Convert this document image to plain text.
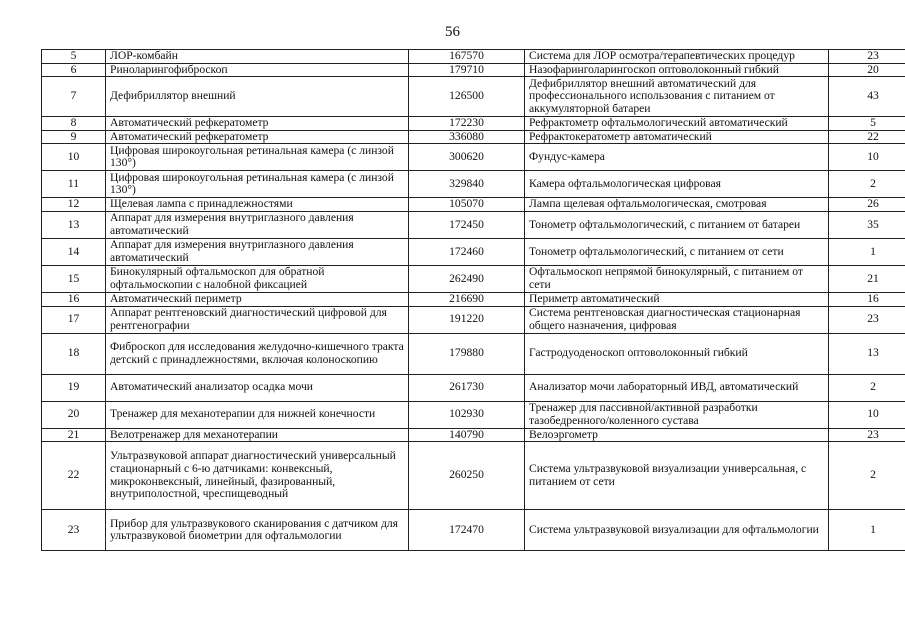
56
5	ЛОР-комбайн	167570	Система для ЛОР осмотра/терапевтических процедур	23
6	Риноларингофиброскоп	179710	Назофаринголарингоскоп оптоволоконный гибкий	20
7	Дефибриллятор внешний	126500	Дефибриллятор внешний автоматический для профессионального использования с питанием от аккумуляторной батареи	43
8	Автоматический рефкератометр	172230	Рефрактометр офтальмологический автоматический	5
9	Автоматический рефкератометр	336080	Рефрактокератометр автоматический	22
10	Цифровая широкоугольная ретинальная камера (с линзой 130°)	300620	Фундус-камера	10
11	Цифровая широкоугольная ретинальная камера (с линзой 130°)	329840	Камера офтальмологическая цифровая	2
12	Щелевая лампа с принадлежностями	105070	Лампа щелевая офтальмологическая, смотровая	26
13	Аппарат для измерения внутриглазного давления автоматический	172450	Тонометр офтальмологический, с питанием от батареи	35
14	Аппарат для измерения внутриглазного давления автоматический	172460	Тонометр офтальмологический, с питанием от сети	1
15	Бинокулярный офтальмоскоп для обратной офтальмоскопии с налобной фиксацией	262490	Офтальмоскоп непрямой бинокулярный, с питанием от сети	21
16	Автоматический периметр	216690	Периметр автоматический	16
17	Аппарат рентгеновский диагностический цифровой для рентгенографии	191220	Система рентгеновская диагностическая стационарная общего назначения, цифровая	23
18	Фиброскоп для исследования желудочно-кишечного тракта детский с принадлежностями, включая колоноскопию	179880	Гастродуоденоскоп оптоволоконный гибкий	13
19	Автоматический анализатор осадка мочи	261730	Анализатор мочи лабораторный ИВД, автоматический	2
20	Тренажер для механотерапии для нижней конечности	102930	Тренажер для пассивной/активной разработки тазобедренного/коленного сустава	10
21	Велотренажер для механотерапии	140790	Велоэргометр	23
22	Ультразвуковой аппарат диагностический универсальный стационарный с 6-ю датчиками: конвексный, микроконвексный, линейный, фазированный, внутриполостной, чреспищеводный	260250	Система ультразвуковой визуализации универсальная, с питанием от сети	2
23	Прибор для ультразвукового сканирования с датчиком для ультразвуковой биометрии для офтальмологии	172470	Система ультразвуковой визуализации для офтальмологии	1
